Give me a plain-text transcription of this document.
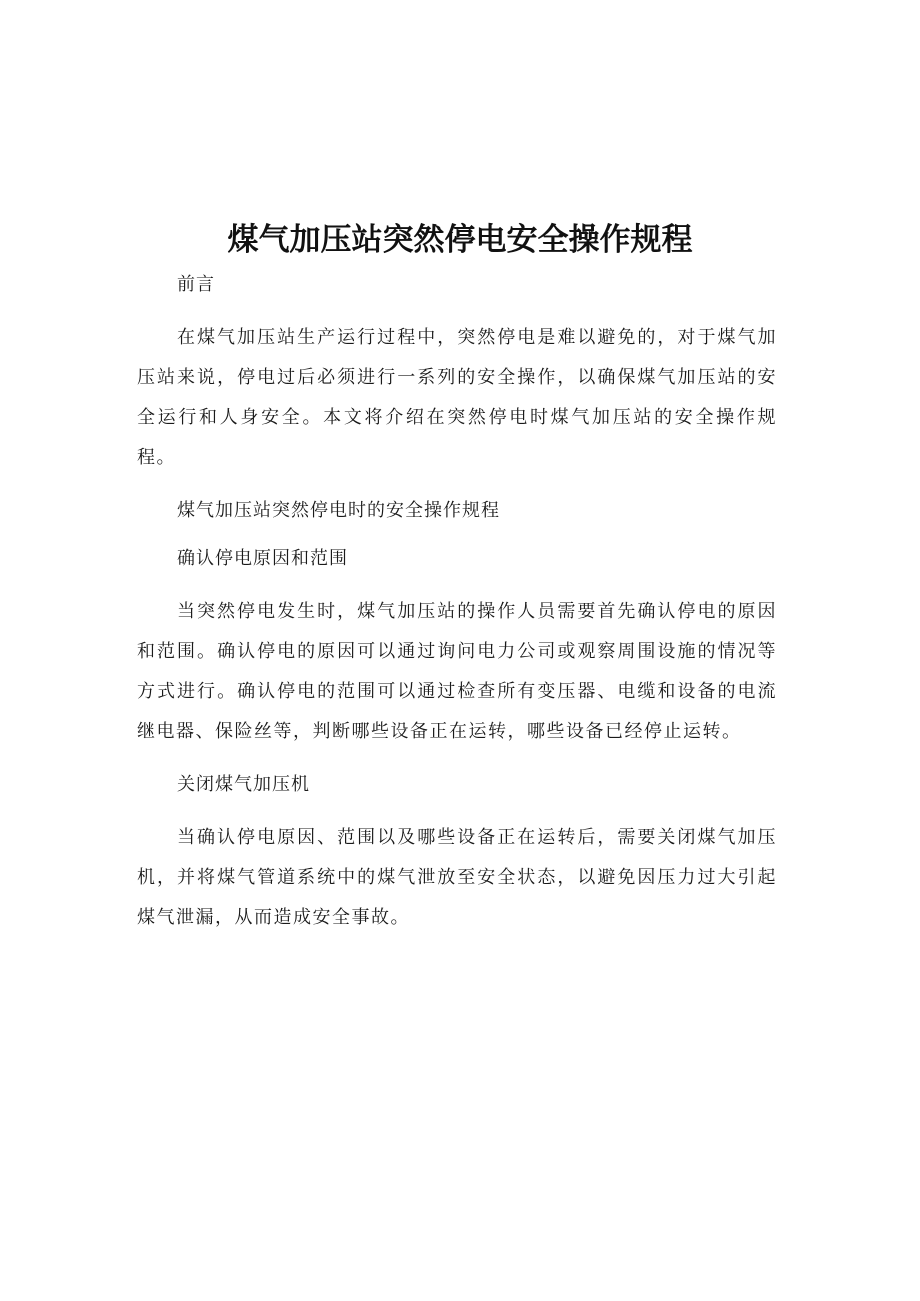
煤气加压站突然停电安全操作规程

前言

在煤气加压站生产运行过程中，突然停电是难以避免的，对于煤气加压站来说，停电过后必须进行一系列的安全操作，以确保煤气加压站的安全运行和人身安全。本文将介绍在突然停电时煤气加压站的安全操作规程。

煤气加压站突然停电时的安全操作规程

确认停电原因和范围

当突然停电发生时，煤气加压站的操作人员需要首先确认停电的原因和范围。确认停电的原因可以通过询问电力公司或观察周围设施的情况等方式进行。确认停电的范围可以通过检查所有变压器、电缆和设备的电流继电器、保险丝等，判断哪些设备正在运转，哪些设备已经停止运转。

关闭煤气加压机

当确认停电原因、范围以及哪些设备正在运转后，需要关闭煤气加压机，并将煤气管道系统中的煤气泄放至安全状态，以避免因压力过大引起煤气泄漏，从而造成安全事故。
